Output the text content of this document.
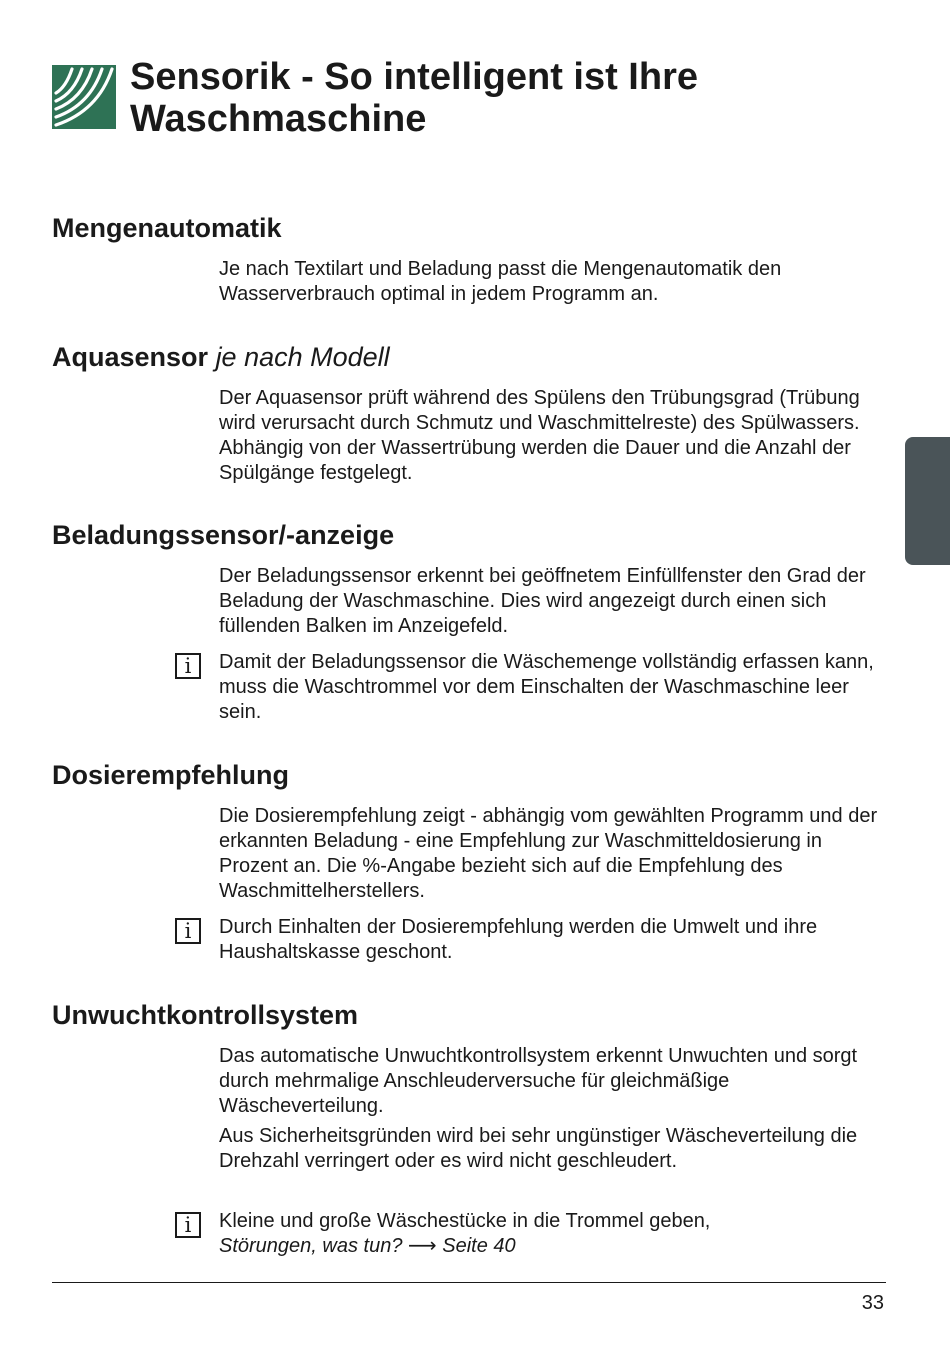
Sensorik - So intelligent ist Ihre Waschmaschine
Mengenautomatik

Je nach Textilart und Beladung passt die Mengenautomatik den Wasserverbrauch optimal in jedem Programm an.

Aquasensor je nach Modell

Der Aquasensor prüft während des Spülens den Trübungsgrad (Trübung wird verursacht durch Schmutz und Waschmittelreste) des Spülwassers. Abhängig von der Wassertrübung werden die Dauer und die Anzahl der Spülgänge festgelegt.

Beladungssensor/-anzeige

Der Beladungssensor erkennt bei geöffnetem Einfüllfenster den Grad der Beladung der Waschmaschine. Dies wird angezeigt durch einen sich füllenden Balken im Anzeigefeld.

i	Damit der Beladungssensor die Wäschemenge vollständig erfassen kann, muss die Waschtrommel vor dem Einschalten der Waschmaschine leer sein.

Dosierempfehlung

Die Dosierempfehlung zeigt - abhängig vom gewählten Programm und der erkannten Beladung - eine Empfehlung zur Waschmitteldosierung in Prozent an. Die %-Angabe bezieht sich auf die Empfehlung des Waschmittelherstellers.

i	Durch Einhalten der Dosierempfehlung werden die Umwelt und ihre Haushaltskasse geschont.

Unwuchtkontrollsystem

Das automatische Unwuchtkontrollsystem erkennt Unwuchten und sorgt durch mehrmalige Anschleuderversuche für gleichmäßige Wäscheverteilung.

Aus Sicherheitsgründen wird bei sehr ungünstiger Wäscheverteilung die Drehzahl verringert oder es wird nicht geschleudert.

i	Kleine und große Wäschestücke in die Trommel geben,
Störungen, was tun? ⟶ Seite 40

33
